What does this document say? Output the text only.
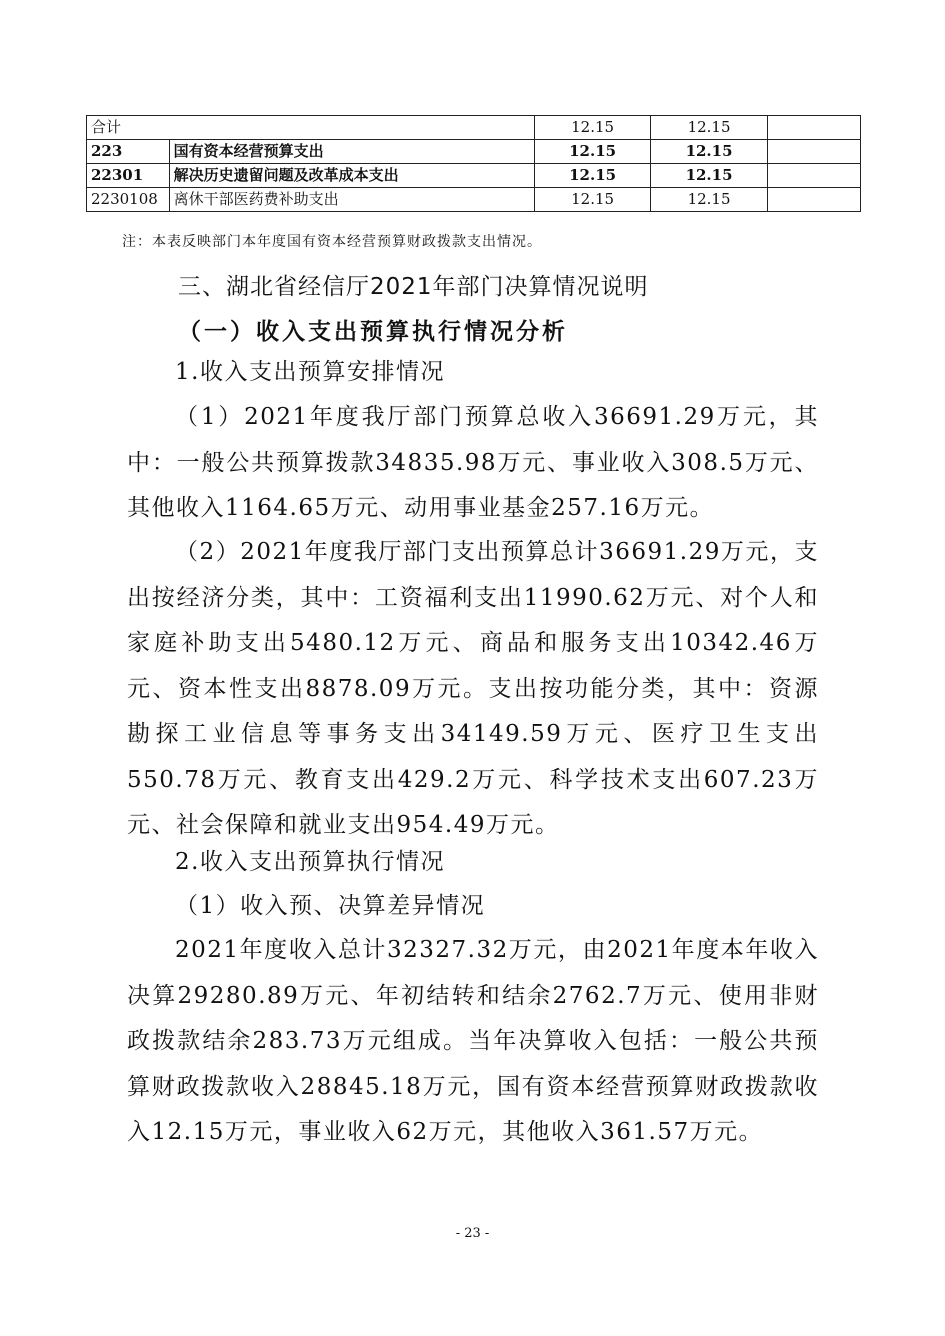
合计		12.15	12.15	
223	国有资本经营预算支出	12.15	12.15	
22301	解决历史遗留问题及改革成本支出	12.15	12.15	
2230108	离休干部医药费补助支出	12.15	12.15	
注：本表反映部门本年度国有资本经营预算财政拨款支出情况。
三、湖北省经信厅2021年部门决算情况说明
（一）收入支出预算执行情况分析
1.收入支出预算安排情况
（1）2021年度我厅部门预算总收入36691.29万元，其中：一般公共预算拨款34835.98万元、事业收入308.5万元、其他收入1164.65万元、动用事业基金257.16万元。
（2）2021年度我厅部门支出预算总计36691.29万元，支出按经济分类，其中：工资福利支出11990.62万元、对个人和家庭补助支出5480.12万元、商品和服务支出10342.46万元、资本性支出8878.09万元。支出按功能分类，其中：资源勘探工业信息等事务支出34149.59万元、医疗卫生支出550.78万元、教育支出429.2万元、科学技术支出607.23万元、社会保障和就业支出954.49万元。
2.收入支出预算执行情况
（1）收入预、决算差异情况
2021年度收入总计32327.32万元，由2021年度本年收入决算29280.89万元、年初结转和结余2762.7万元、使用非财政拨款结余283.73万元组成。当年决算收入包括：一般公共预算财政拨款收入28845.18万元，国有资本经营预算财政拨款收入12.15万元，事业收入62万元，其他收入361.57万元。
- 23 -
